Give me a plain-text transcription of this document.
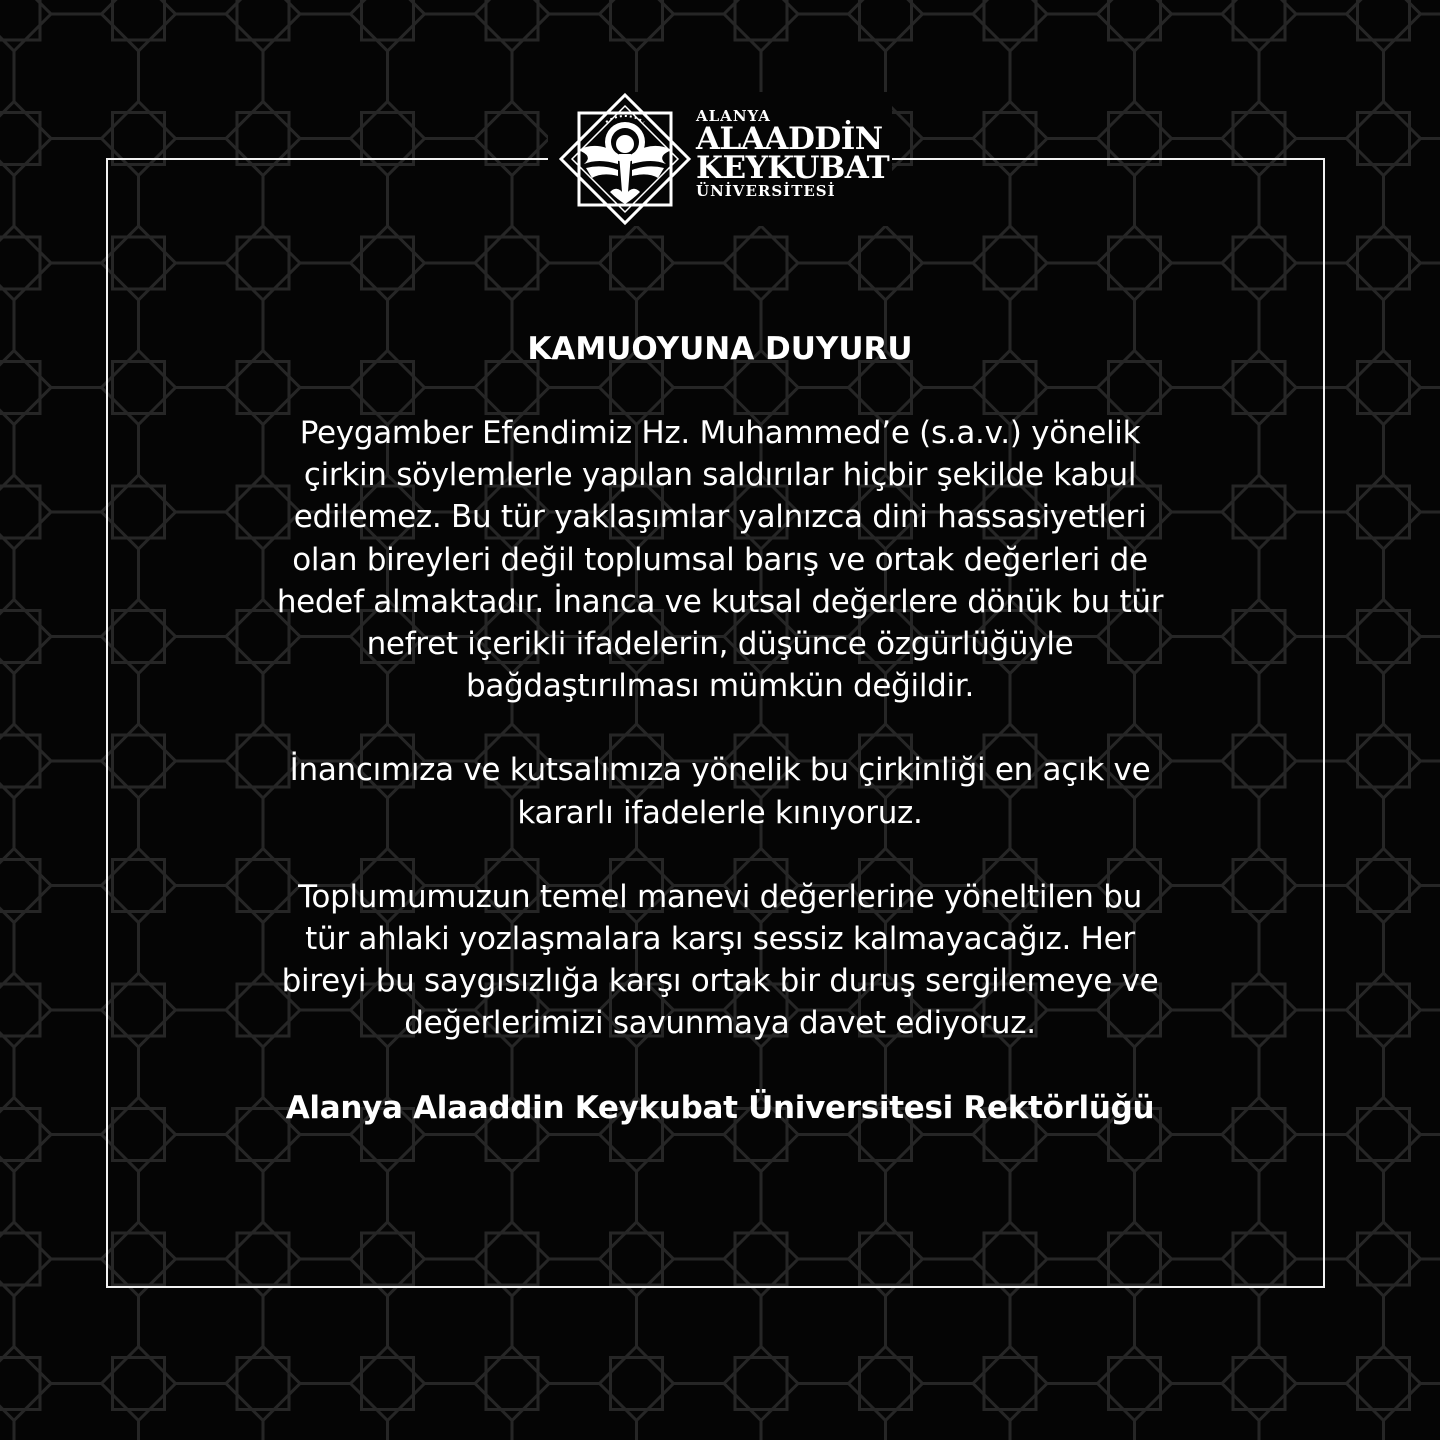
ALANYA
ALAADDİN
KEYKUBAT
ÜNİVERSİTESİ
KAMUOYUNA DUYURU

Peygamber Efendimiz Hz. Muhammed’e (s.a.v.) yönelik
çirkin söylemlerle yapılan saldırılar hiçbir şekilde kabul
edilemez. Bu tür yaklaşımlar yalnızca dini hassasiyetleri
olan bireyleri değil toplumsal barış ve ortak değerleri de
hedef almaktadır. İnanca ve kutsal değerlere dönük bu tür
nefret içerikli ifadelerin, düşünce özgürlüğüyle
bağdaştırılması mümkün değildir.

İnancımıza ve kutsalımıza yönelik bu çirkinliği en açık ve
kararlı ifadelerle kınıyoruz.

Toplumumuzun temel manevi değerlerine yöneltilen bu
tür ahlaki yozlaşmalara karşı sessiz kalmayacağız. Her
bireyi bu saygısızlığa karşı ortak bir duruş sergilemeye ve
değerlerimizi savunmaya davet ediyoruz.

Alanya Alaaddin Keykubat Üniversitesi Rektörlüğü
